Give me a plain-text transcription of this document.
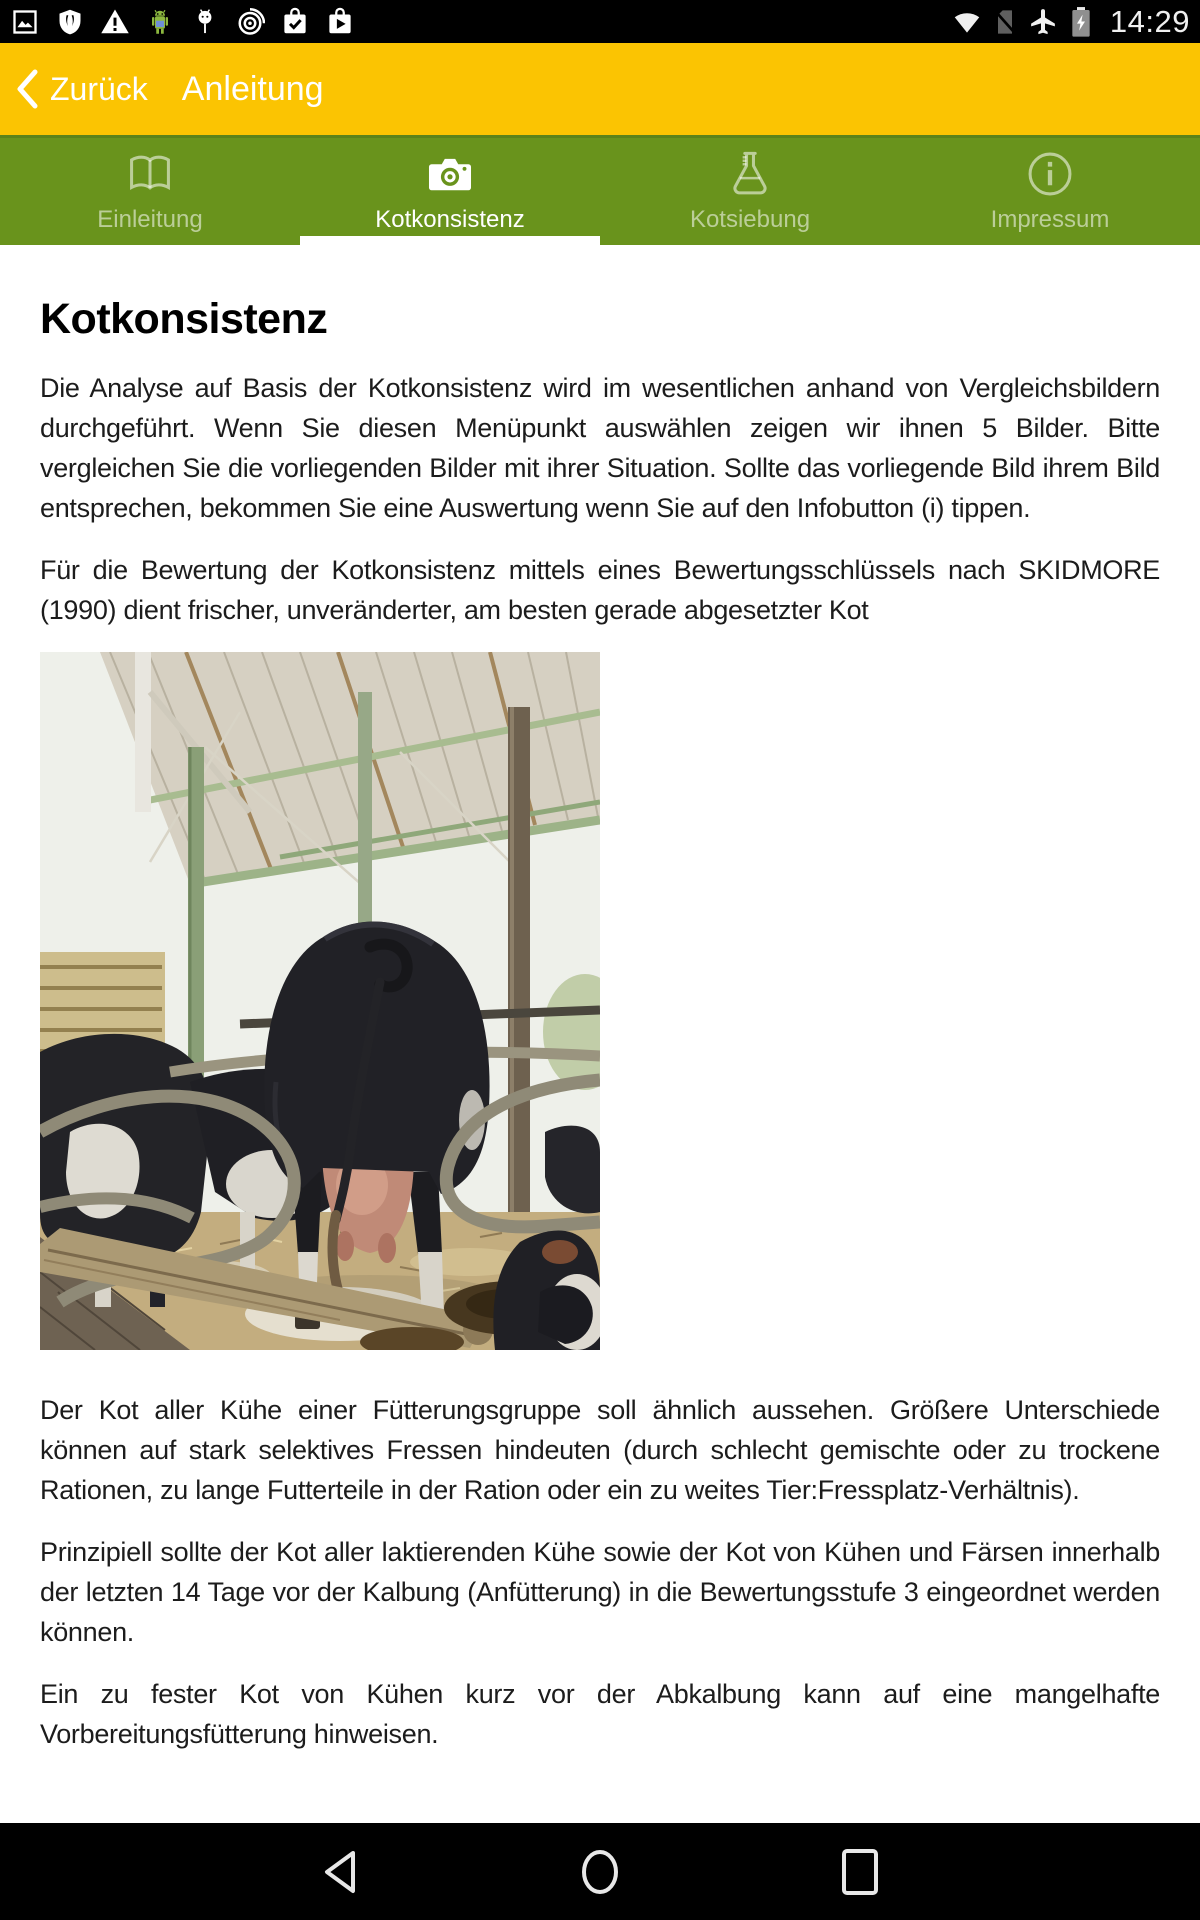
14:29
Zurück Anleitung
Einleitung	Kotkonsistenz	Kotsiebung	Impressum
Kotkonsistenz

Die Analyse auf Basis der Kotkonsistenz wird im wesentlichen anhand von Vergleichsbildern durchgeführt. Wenn Sie diesen Menüpunkt auswählen zeigen wir ihnen 5 Bilder. Bitte vergleichen Sie die vorliegenden Bilder mit ihrer Situation. Sollte das vorliegende Bild ihrem Bild entsprechen, bekommen Sie eine Auswertung wenn Sie auf den Infobutton (i) tippen.

Für die Bewertung der Kotkonsistenz mittels eines Bewertungsschlüssels nach SKIDMORE (1990) dient frischer, unveränderter, am besten gerade abgesetzter Kot

Der Kot aller Kühe einer Fütterungsgruppe soll ähnlich aussehen. Größere Unterschiede können auf stark selektives Fressen hindeuten (durch schlecht gemischte oder zu trockene Rationen, zu lange Futterteile in der Ration oder ein zu weites Tier:Fressplatz-Verhältnis).

Prinzipiell sollte der Kot aller laktierenden Kühe sowie der Kot von Kühen und Färsen innerhalb der letzten 14 Tage vor der Kalbung (Anfütterung) in die Bewertungsstufe 3 eingeordnet werden können.

Ein zu fester Kot von Kühen kurz vor der Abkalbung kann auf eine mangelhafte Vorbereitungsfütterung hinweisen.
